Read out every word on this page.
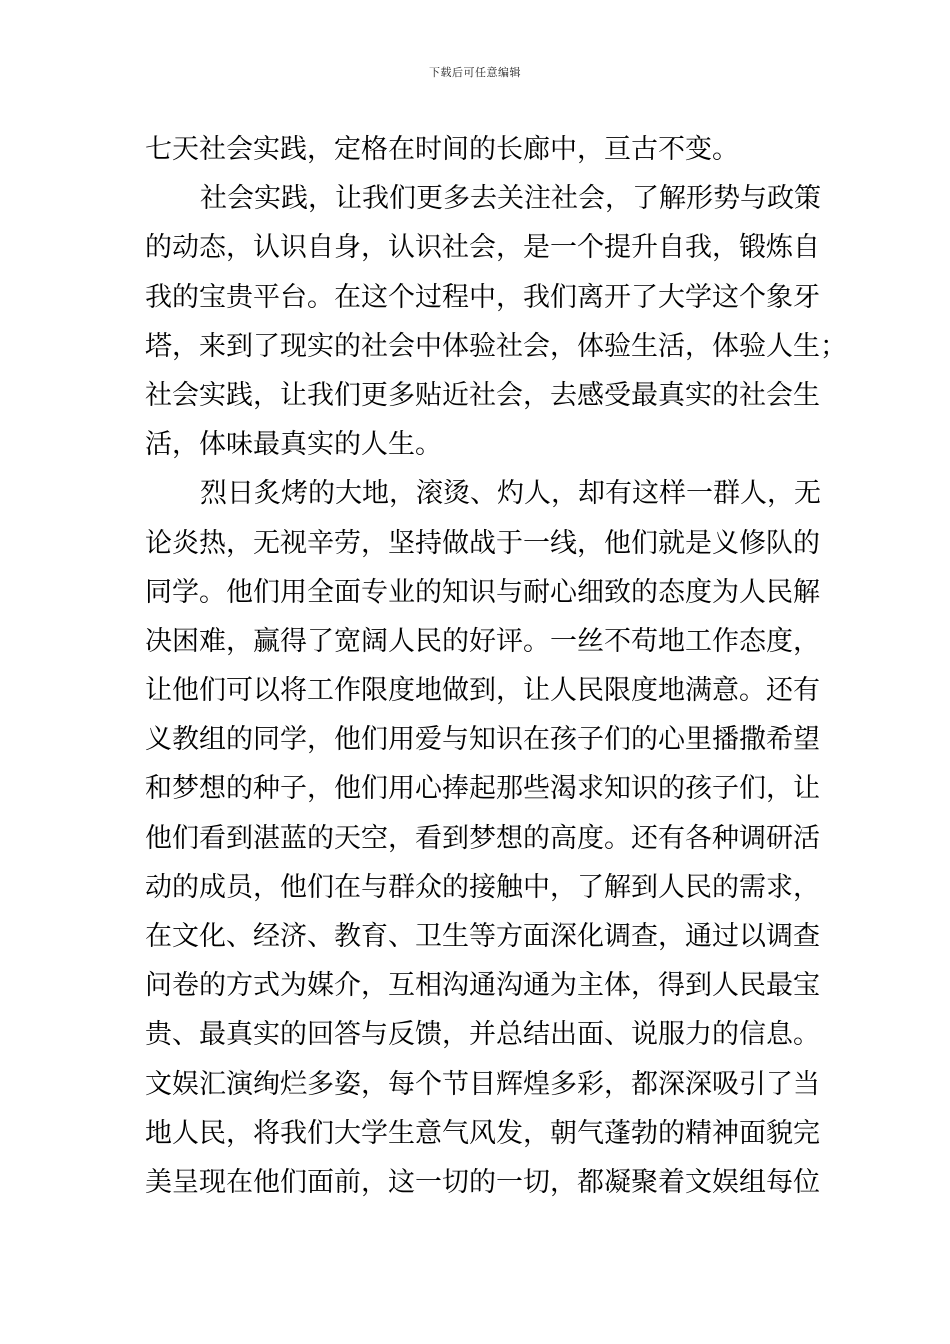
下载后可任意编辑
七天社会实践，定格在时间的长廊中，亘古不变。
社会实践，让我们更多去关注社会，了解形势与政策
的动态，认识自身，认识社会，是一个提升自我，锻炼自
我的宝贵平台。在这个过程中，我们离开了大学这个象牙
塔，来到了现实的社会中体验社会，体验生活，体验人生；
社会实践，让我们更多贴近社会，去感受最真实的社会生
活，体味最真实的人生。
烈日炙烤的大地，滚烫、灼人，却有这样一群人，无
论炎热，无视辛劳，坚持做战于一线，他们就是义修队的
同学。他们用全面专业的知识与耐心细致的态度为人民解
决困难，赢得了宽阔人民的好评。一丝不苟地工作态度，
让他们可以将工作限度地做到，让人民限度地满意。还有
义教组的同学，他们用爱与知识在孩子们的心里播撒希望
和梦想的种子，他们用心捧起那些渴求知识的孩子们，让
他们看到湛蓝的天空，看到梦想的高度。还有各种调研活
动的成员，他们在与群众的接触中，了解到人民的需求，
在文化、经济、教育、卫生等方面深化调查，通过以调查
问卷的方式为媒介，互相沟通沟通为主体，得到人民最宝
贵、最真实的回答与反馈，并总结出面、说服力的信息。
文娱汇演绚烂多姿，每个节目辉煌多彩，都深深吸引了当
地人民，将我们大学生意气风发，朝气蓬勃的精神面貌完
美呈现在他们面前，这一切的一切，都凝聚着文娱组每位
